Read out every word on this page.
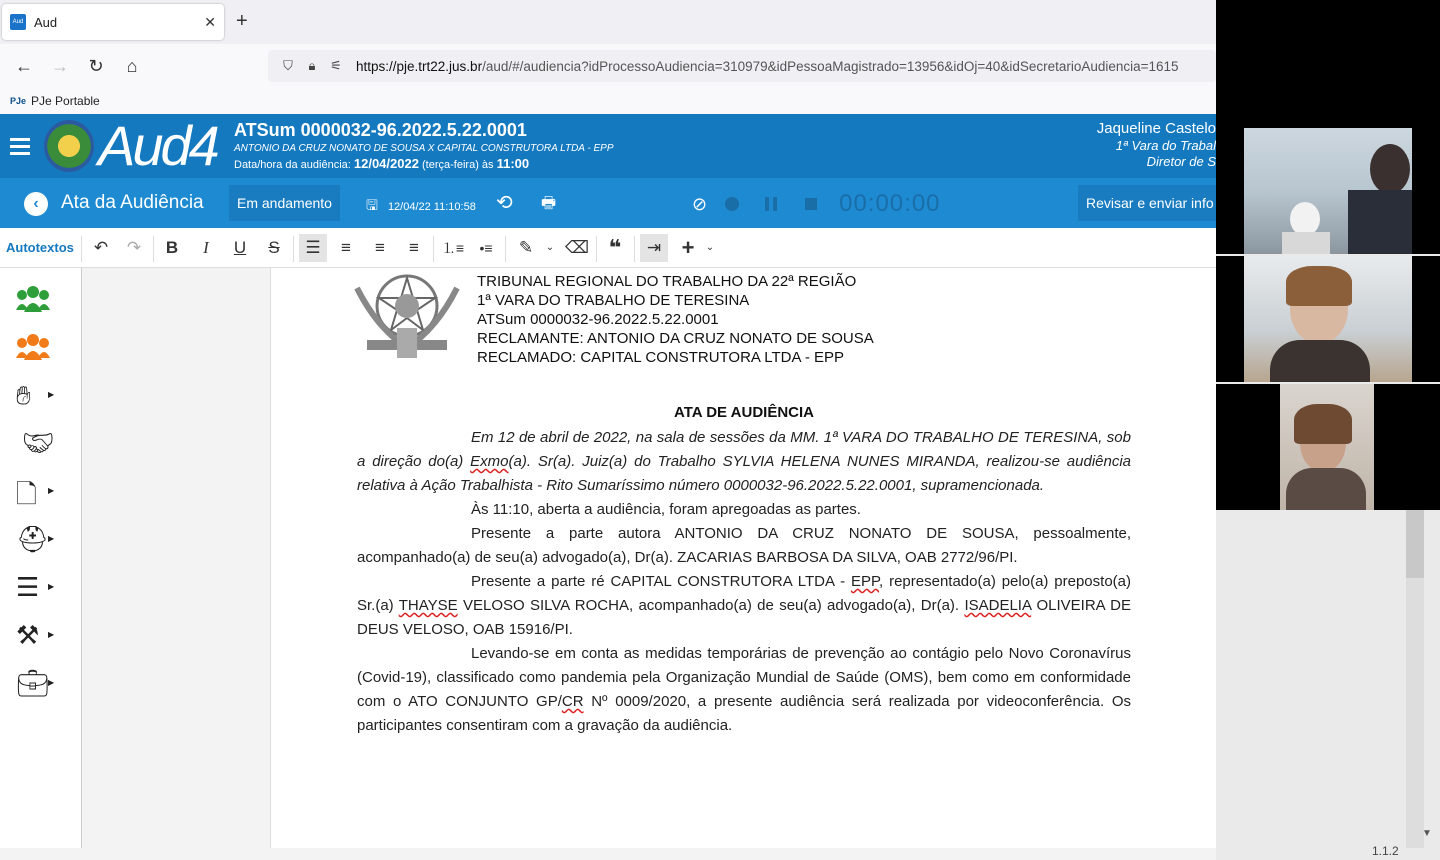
Aud Aud	✕ +
←	→	↻	⌂	⛉	🔒︎	⚟	https://pje.trt22.jus.br/aud/#/audiencia?idProcessoAudiencia=310979&idPessoaMagistrado=13956&idOj=40&idSecretarioAudiencia=1615
PJe PJe Portable
Aud4 ATSum 0000032-96.2022.5.22.0001
ANTONIO DA CRUZ NONATO DE SOUSA X CAPITAL CONSTRUTORA LTDA - EPP
Data/hora da audiência: 12/04/2022 (terça-feira) às 11:00
Jaqueline Castelo
1ª Vara do Trabal
Diretor de S
‹	Ata da Audiência	Em andamento	🖫 12/04/22 11:10:58 ⟲ 🖶︎	⊘	00:00:00	Revisar e enviar info
Autotextos	↶	↷	B	I	U	S	☰	≡	≡	≡	⒈≡	•≡	✎	⌄ ⌫ ❝	⇥ +	⌄
✋︎ ▶
🤝︎
🗋 ▶
⛑︎
▶
☰ ▶
⚒︎ ▶
💼︎
▶
TRIBUNAL REGIONAL DO TRABALHO DA 22ª REGIÃO
1ª VARA DO TRABALHO DE TERESINA
ATSum 0000032-96.2022.5.22.0001
RECLAMANTE: ANTONIO DA CRUZ NONATO DE SOUSA
RECLAMADO: CAPITAL CONSTRUTORA LTDA - EPP
ATA DE AUDIÊNCIA

Em 12 de abril de 2022, na sala de sessões da MM. 1ª VARA DO TRABALHO DE TERESINA, sob a direção do(a) Exmo(a). Sr(a). Juiz(a) do Trabalho SYLVIA HELENA NUNES MIRANDA, realizou-se audiência relativa à Ação Trabalhista - Rito Sumaríssimo número 0000032-96.2022.5.22.0001, supramencionada.

Às 11:10, aberta a audiência, foram apregoadas as partes.

Presente a parte autora ANTONIO DA CRUZ NONATO DE SOUSA, pessoalmente, acompanhado(a) de seu(a) advogado(a), Dr(a). ZACARIAS BARBOSA DA SILVA, OAB 2772/96/PI.

Presente a parte ré CAPITAL CONSTRUTORA LTDA - EPP, representado(a) pelo(a) preposto(a) Sr.(a) THAYSE VELOSO SILVA ROCHA, acompanhado(a) de seu(a) advogado(a), Dr(a). ISADELIA OLIVEIRA DE DEUS VELOSO, OAB 15916/PI.

Levando-se em conta as medidas temporárias de prevenção ao contágio pelo Novo Coronavírus (Covid-19), classificado como pandemia pela Organização Mundial de Saúde (OMS), bem como em conformidade com o ATO CONJUNTO GP/CR Nº 0009/2020, a presente audiência será realizada por videoconferência. Os participantes consentiram com a gravação da audiência.

▼
1.1.2
